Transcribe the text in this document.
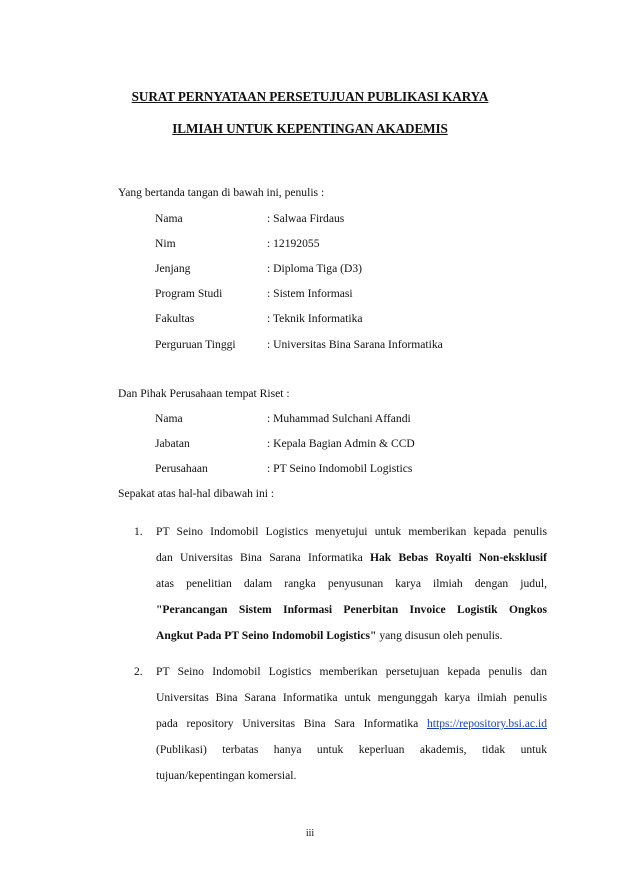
SURAT PERNYATAAN PERSETUJUAN PUBLIKASI KARYA
ILMIAH UNTUK KEPENTINGAN AKADEMIS
Yang bertanda tangan di bawah ini, penulis :
Nama	: Salwaa Firdaus
Nim	: 12192055
Jenjang	: Diploma Tiga (D3)
Program Studi	: Sistem Informasi
Fakultas	: Teknik Informatika
Perguruan Tinggi	: Universitas Bina Sarana Informatika
Dan Pihak Perusahaan tempat Riset :
Nama	: Muhammad Sulchani Affandi
Jabatan	: Kepala Bagian Admin & CCD
Perusahaan	: PT Seino Indomobil Logistics
Sepakat atas hal-hal dibawah ini :
1. PT Seino Indomobil Logistics menyetujui untuk memberikan kepada penulis
dan Universitas Bina Sarana Informatika Hak Bebas Royalti Non-eksklusif
atas penelitian dalam rangka penyusunan karya ilmiah dengan judul,
"Perancangan Sistem Informasi Penerbitan Invoice Logistik Ongkos
Angkut Pada PT Seino Indomobil Logistics" yang disusun oleh penulis.
2. PT Seino Indomobil Logistics memberikan persetujuan kepada penulis dan
Universitas Bina Sarana Informatika untuk mengunggah karya ilmiah penulis
pada repository Universitas Bina Sara Informatika https://repository.bsi.ac.id
(Publikasi) terbatas hanya untuk keperluan akademis, tidak untuk
tujuan/kepentingan komersial.
iii
